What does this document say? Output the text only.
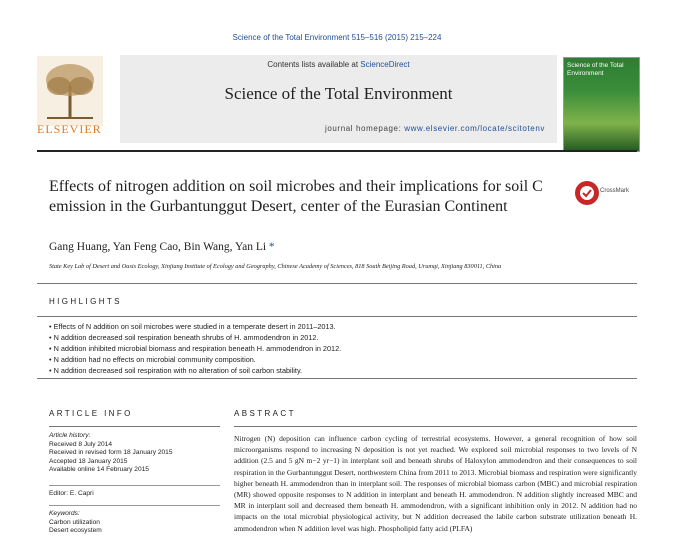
Science of the Total Environment 515–516 (2015) 215–224
ELSEVIER
Contents lists available at ScienceDirect
Science of the Total Environment
journal homepage: www.elsevier.com/locate/scitotenv
Science of the Total Environment
Effects of nitrogen addition on soil microbes and their implications for soil C emission in the Gurbantunggut Desert, center of the Eurasian Continent
CrossMark
Gang Huang, Yan Feng Cao, Bin Wang, Yan Li *
State Key Lab of Desert and Oasis Ecology, Xinjiang Institute of Ecology and Geography, Chinese Academy of Sciences, 818 South Beijing Road, Urumqi, Xinjiang 830011, China
HIGHLIGHTS
• Effects of N addition on soil microbes were studied in a temperate desert in 2011–2013.
• N addition decreased soil respiration beneath shrubs of H. ammodendron in 2012.
• N addition inhibited microbial biomass and respiration beneath H. ammodendron in 2012.
• N addition had no effects on microbial community composition.
• N addition decreased soil respiration with no alteration of soil carbon stability.
ARTICLE INFO	ABSTRACT
Article history:
Received 8 July 2014
Received in revised form 18 January 2015
Accepted 18 January 2015
Available online 14 February 2015
Editor: E. Capri
Keywords:
Carbon utilization
Desert ecosystem
Nitrogen (N) deposition can influence carbon cycling of terrestrial ecosystems. However, a general recognition of how soil microorganisms respond to increasing N deposition is not yet reached. We explored soil microbial responses to two levels of N addition (2.5 and 5 gN m−2 yr−1) in interplant soil and beneath shrubs of Haloxylon ammodendron and their consequences to soil respiration in the Gurbantunggut Desert, northwestern China from 2011 to 2013. Microbial biomass and respiration were significantly higher beneath H. ammodendron than in interplant soil. The responses of microbial biomass carbon (MBC) and microbial respiration (MR) showed opposite responses to N addition in interplant and beneath H. ammodendron. N addition slightly increased MBC and MR in interplant soil and decreased them beneath H. ammodendron, with a significant inhibition only in 2012. N addition had no impacts on the total microbial physiological activity, but N addition decreased the labile carbon substrate utilization beneath H. ammodendron when N addition level was high. Phospholipid fatty acid (PLFA)
